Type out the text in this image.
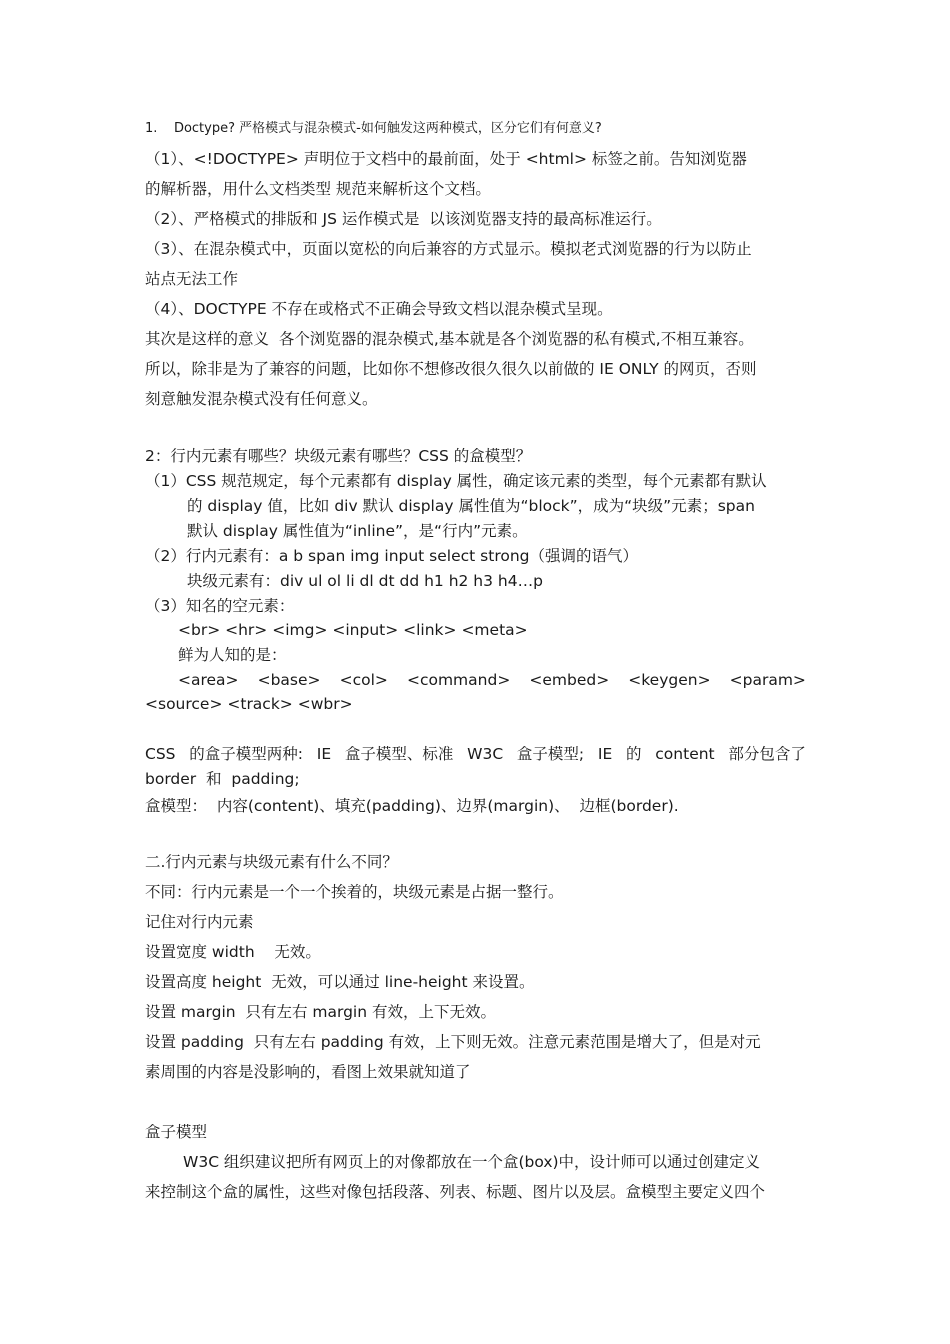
1. Doctype? 严格模式与混杂模式-如何触发这两种模式，区分它们有何意义?
（1）、<!DOCTYPE> 声明位于文档中的最前面，处于 <html> 标签之前。告知浏览器
的解析器，用什么文档类型 规范来解析这个文档。
（2）、严格模式的排版和 JS 运作模式是  以该浏览器支持的最高标准运行。
（3）、在混杂模式中，页面以宽松的向后兼容的方式显示。模拟老式浏览器的行为以防止
站点无法工作
（4）、DOCTYPE 不存在或格式不正确会导致文档以混杂模式呈现。
其次是这样的意义  各个浏览器的混杂模式,基本就是各个浏览器的私有模式,不相互兼容。
所以，除非是为了兼容的问题，比如你不想修改很久很久以前做的 IE ONLY 的网页，否则
刻意触发混杂模式没有任何意义。
2：行内元素有哪些？块级元素有哪些？CSS 的盒模型？
（1）CSS 规范规定，每个元素都有 display 属性，确定该元素的类型，每个元素都有默认
的 display 值，比如 div 默认 display 属性值为“block”，成为“块级”元素；span
默认 display 属性值为“inline”，是“行内”元素。
（2）行内元素有：a b span img input select strong（强调的语气）
块级元素有：div ul ol li dl dt dd h1 h2 h3 h4…p
（3）知名的空元素：
<br> <hr> <img> <input> <link> <meta>
鲜为人知的是：
<area> <base> <col> <command> <embed> <keygen> <param>
<source> <track> <wbr>
CSS 的盒子模型两种: IE 盒子模型、标准 W3C 盒子模型; IE 的 content 部分包含了
border  和  padding;
盒模型：  内容(content)、填充(padding)、边界(margin)、  边框(border).
二.行内元素与块级元素有什么不同？
不同：行内元素是一个一个挨着的，块级元素是占据一整行。
记住对行内元素
设置宽度 width    无效。
设置高度 height  无效，可以通过 line-height 来设置。
设置 margin  只有左右 margin 有效，上下无效。
设置 padding  只有左右 padding 有效，上下则无效。注意元素范围是增大了，但是对元
素周围的内容是没影响的，看图上效果就知道了
盒子模型
W3C 组织建议把所有网页上的对像都放在一个盒(box)中，设计师可以通过创建定义
来控制这个盒的属性，这些对像包括段落、列表、标题、图片以及层。盒模型主要定义四个
